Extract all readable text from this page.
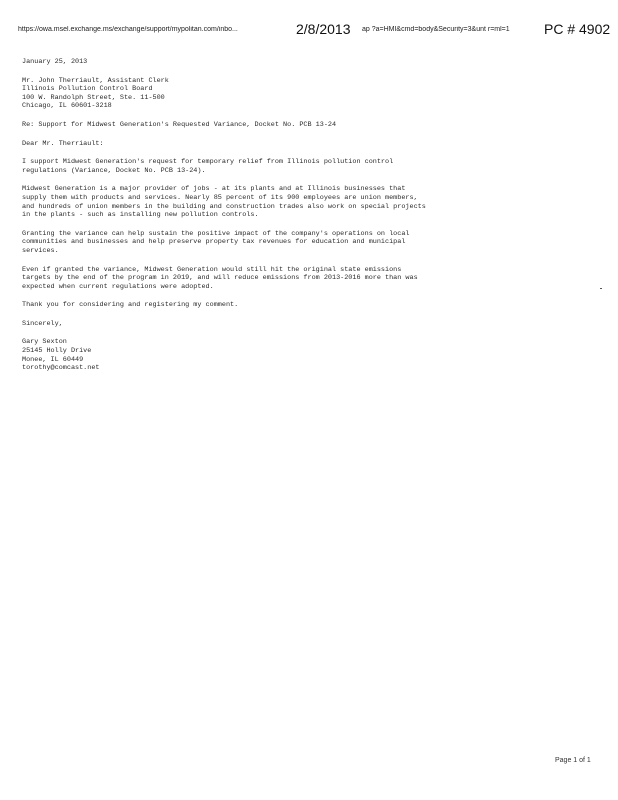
https://owa.msel.exchange.ms/exchange/support/mypolitan.com/inbo...	2/8/2013 ap ?a=HMI&cmd=body&Security=3&unt r=ml=1	PC # 4902

January 25, 2013

Mr. John Therriault, Assistant Clerk
Illinois Pollution Control Board
100 W. Randolph Street, Ste. 11-500
Chicago, IL 60601-3218

Re: Support for Midwest Generation's Requested Variance, Docket No. PCB 13-24

Dear Mr. Therriault:

I support Midwest Generation's request for temporary relief from Illinois pollution control
regulations (Variance, Docket No. PCB 13-24).

Midwest Generation is a major provider of jobs - at its plants and at Illinois businesses that
supply them with products and services. Nearly 85 percent of its 900 employees are union members,
and hundreds of union members in the building and construction trades also work on special projects
in the plants - such as installing new pollution controls.

Granting the variance can help sustain the positive impact of the company's operations on local
communities and businesses and help preserve property tax revenues for education and municipal
services.

Even if granted the variance, Midwest Generation would still hit the original state emissions
targets by the end of the program in 2019, and will reduce emissions from 2013-2016 more than was
expected when current regulations were adopted.

Thank you for considering and registering my comment.

Sincerely,

Gary Sexton
25145 Holly Drive
Monee, IL 60449
torothy@comcast.net

Page 1 of 1
